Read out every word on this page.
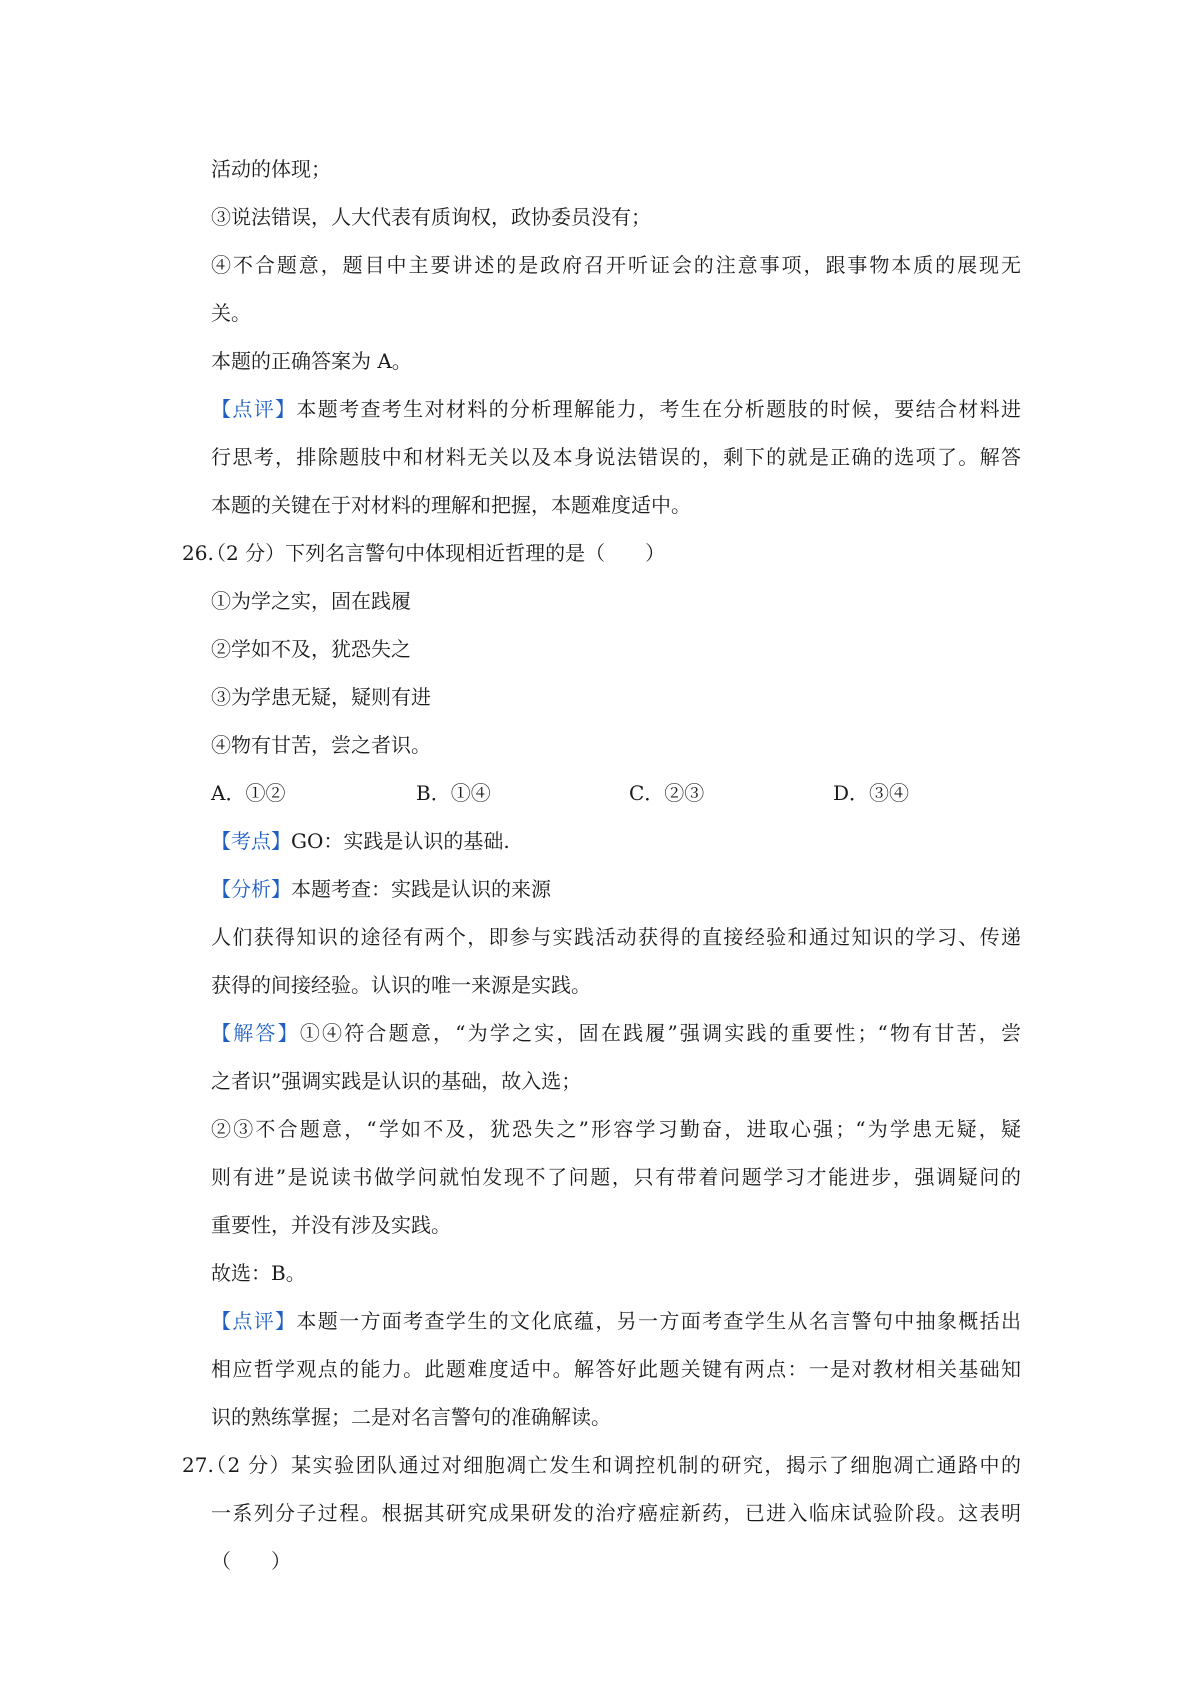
活动的体现；
③说法错误，人大代表有质询权，政协委员没有；
④不合题意，题目中主要讲述的是政府召开听证会的注意事项，跟事物本质的展现无
关。
本题的正确答案为 A。
【点评】本题考查考生对材料的分析理解能力，考生在分析题肢的时候，要结合材料进
行思考，排除题肢中和材料无关以及本身说法错误的，剩下的就是正确的选项了。解答
本题的关键在于对材料的理解和把握，本题难度适中。
26.
（2 分）下列名言警句中体现相近哲理的是（　　）
①为学之实，固在践履
②学如不及，犹恐失之
③为学患无疑，疑则有进
④物有甘苦，尝之者识。
A．①②	B．①④	C．②③	D．③④
【考点】GO：实践是认识的基础.
【分析】本题考查：实践是认识的来源
人们获得知识的途径有两个，即参与实践活动获得的直接经验和通过知识的学习、传递
获得的间接经验。认识的唯一来源是实践。
【解答】①④符合题意，“为学之实，固在践履”强调实践的重要性；“物有甘苦，尝
之者识”强调实践是认识的基础，故入选；
②③不合题意，“学如不及，犹恐失之”形容学习勤奋，进取心强；“为学患无疑，疑
则有进”是说读书做学问就怕发现不了问题，只有带着问题学习才能进步，强调疑问的
重要性，并没有涉及实践。
故选：B。
【点评】本题一方面考查学生的文化底蕴，另一方面考查学生从名言警句中抽象概括出
相应哲学观点的能力。此题难度适中。解答好此题关键有两点：一是对教材相关基础知
识的熟练掌握；二是对名言警句的准确解读。
27.
（2 分）某实验团队通过对细胞凋亡发生和调控机制的研究，揭示了细胞凋亡通路中的
一系列分子过程。根据其研究成果研发的治疗癌症新药，已进入临床试验阶段。这表明
（　　）
